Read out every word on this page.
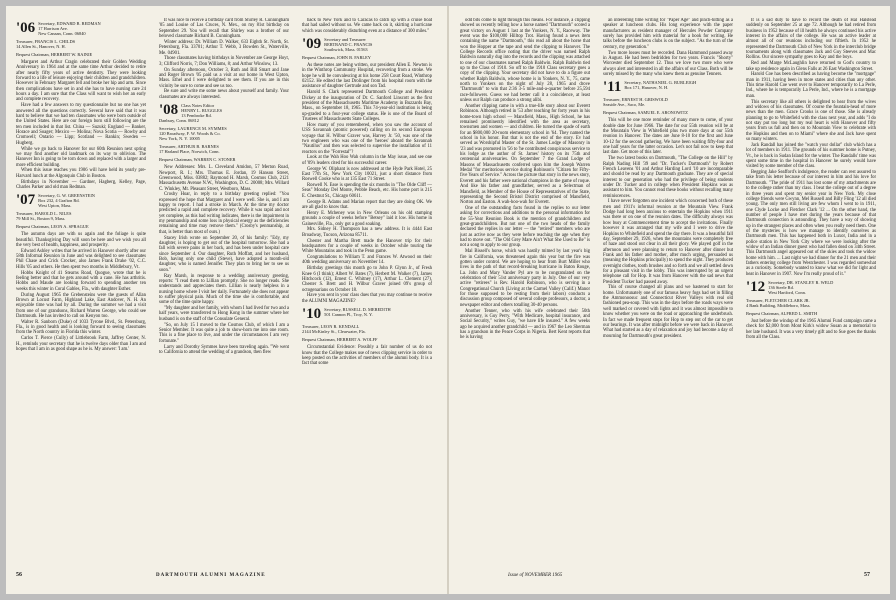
'06 Secretary, EDWARD B. REDMAN
17 Harrison Ave.
New Canaan, Conn. 06840
Treasurer, FRANCIS L. CHILDS
14 Allen St., Hanover, N. H.
Bequest Chairman, HERBERT W. RAINIE

Margaret and Arthur Cragin celebrated their Golden Wedding Anniversary in 1964 and at the same time Arthur decided to retire after nearly fifty years of active dentistry. They were looking forward to a life of leisure enjoying their children and grandchildren. However in February Margaret fell and broke her hip and arm. Since then complications have set in and she has to have nursing care 24 hours a day. I am sure that the Class will want to wish her an early and complete recovery.

Have had a few answers to my questionnaire but no one has yet answered all the questions correctly. Several have said that it was hard to believe that we had ten classmates who were born outside of the United States. Here are our foreign born still following are the ten men included in that list. China — Suzuki; England — Banker, Horace and Soager; Mexico — Molina; Nova Scotia — Rowby and Cromwell; Ontario — Lipp; Scotland — Rankin; Sweden — Hugberg.

While we go back to Hanover for our 60th Reunion next spring we may find another old landmark on its way to oblivion. The Hanover Inn is going to be torn down and replaced with a larger and more efficient building.

When this issue reaches you 1906 will have held its yearly pre-Harvard lunch at the Algonquin Club in Boston.

Birthdays in November — Gardner, Hagberg, Kelley, Page, Charles Parker and old man Redman.

'07 Secretary, G. W. GREENSTEIN
Box 232, 4 Grafton Rd.
West Upton, Mass.
Treasurer, HAROLD L. NILES
79 Mill St., Boston 9, Mass.
Bequest Chairman, LEON A. SPRAGUE

The autumn days are with us again and the foliage is quite beautiful. Thanksgiving Day will soon be here and we wish you all the very best of health, happiness, and prosperity.

Edward Ashley writes that he arrived in Hanover shortly after our 58th Informal Reunion in June and was delighted to see classmates Phil Chase and Crick Crocker, also James Frank Drake '02, C.C. Hills '05 and others. He then spent two months in Middlebury, Vt.

Hobbs Knight of 41 Stearns Road, Quogue, wrote that he is feeling better and that he gets around with a cane. He has arthritis. Hobbs and Maude are looking forward to spending another ten weeks this winter in Coral Gables, Fla., with daughter Esther.

During August 1965 the Grebensteins were the guests of Allan Brown at Locust Farm, Highland Lake, East Andover, N. H. An enjoyable time was had by all. During the summer we had a visit from one of our grandsons, Richard Warren George, who could see Dartmouth. He has invited to call on Kenyon too.

Walter R. Sanborn (Duke) of 1033 Tyrone Blvd., St. Petersburg, Fla., is in good health and is looking forward to seeing classmates from the North country in Florida this winter.

Carlos T. Pierce (Cully) of Littlebrook Farm, Jaffrey Center, N. H., reminds your secretary that he is twelve days older than I am and hopes that I am in as good shape as he is. My answer: 'I am.'

It was nice to receive a birthday card from Shirley R. Cunningham '05 and Louise of Las Cruces, N. Mex., on my 81st birthday on September 29. You will recall that Shirley was a brother of our beloved classmate Richard B. Cunningham.

Winter address: Dr. William D. Walker, 633 Eighth St. North, St. Petersburg, Fla. 33701; Arthur T. Webb, 3 Bowden St., Waterville, Me. 04901.

Those classmates having birthdays in November are George Hoyt, 3; Clifford Norris, 7; Don Williams, 8; and Arthur Winslow, 13.

On Sunday afternoon, October 3, Ruth and Bill Smart and Jane and Roger Brown '05 paid us a visit at our home in West Upton, Mass. Ethel and I were delighted to see them. If you are in this vicinity be sure to come and see us too.

Be sure and write me some news about yourself and family. Your classmates are always interested.

'08 Class Notes Editor
HENRY L. RUGGLES
13 Pembroke Rd.
Danbury, Conn. 06812
Secretary, LAURENCE M. SYMMES
120 Broadway, F. W. Woods & Co.
New York, N. Y. 10005
Treasurer, ARTHUR B. BARNES
17 Harland Place, Norwich, Conn.
Bequest Chairman, WARREN C. STONER

New Addresses: Mrs. L. Cleveland Amidon, 57 Merton Road, Newport, R. I.; Mrs. Thomas E. Jordan, 19 Hanson Street, Greenwood, Miss. 03882; Raymond H. Marsh, Cosmos Club, 2121 Massachusetts Avenue N.W., Washington, D. C. 20008; Mrs. Willard C. Winkley, Mt. Pleasant Street, Westboro, Mass.

Crosby Hoar, in reply to a birthday greeting replied: "You expressed the hope that Margaret and I were well. She is, and I am happy to report. I had a stroke in March. At the time my doctor predicted a rapid and complete recovery. While it was rapid and not yet complete, as this bad writing indicates, there is the impairment in my penmanship and some loss in physical energy as the deficiencies remaining and time may remove them." (Crosby's penmanship, at that, is better than most of ours.)

Stacey Irish wrote on September 20, of his family: "Edy, my daughter, is hoping to get out of the hospital tomorrow. She had a fall with severe pains in her back, and has been under hospital care since September 4. Our daughter, Ruth Moffatt, and her husband, Bob, having only one child (Steve), have adopted a month-old daughter, who is named Jennifer. They plan to bring her to see us soon."

Ray Marsh, in response to a wedding anniversary greeting, reports: "I read them to Lillian promptly. She no longer reads. She understands and appreciates them. Lillian is nearly helpless in a nursing home where I visit her daily. Fortunately she does not appear to suffer physical pain. Much of the time she is comfortable, and some of the time quite happy.

"My daughter and her family, with whom I had lived for two and a half years, were transferred to Hong Kong in the summer where her husband is on the staff of the Consulate General.

"So, on July 15 I moved to the Cosmos Club, of which I am a Senior Member. It was quite a job to show-horn me into one room. This is a fine place to live, and under the circumstances I am very fortunate."

Larry and Dorothy Symmes have been traveling again. "We went to California to attend the wedding of a grandson, then flew

back to New York and to Caracas to catch up with a cruise boat that had sailed without us. We came back on it, skirting a hurricane which was considerably disturbing even at a distance of 300 miles."

'09 Secretary and Treasurer
BERTRAND C. FRANCIS
Southwick, Mass. 01563
Bequest Chairman, JOHN B. FARLEY

As these notes are being written, our president Allen E. Newton is in the Winthrop Community Hospital, recovering from a stroke. We hope he will be convalescing at his home 258 Court Road, Winthrop 02152. He edited the last Drolinger from his hospital room with the assistance of daughter Gertrude and son Tad.

Harold S. Clark represented Dartmouth College and President Dickey at the inauguration of Dr. C. Sanford Linscott as the first president of the Massachusetts Maritime Academy in Buzzards Bay, Mass., on September 18, 1965. This 74-year-old institution is being up-graded to a four-year college status. He is one of the Board of Trustees of Massachusetts State Colleges.

How many of you remembered, when you saw the account of USS Savannah (atomic powered) calling on its second European voyage that H. Wilbur Graver was, Harvey Jr. '50, was one of the two engineers who was one of the 'heroes' aboard the Savannah "Nautilus" and then was selected to supervise the installation of 11 reactors on the "Forrestal"?

Look at the Wah Hoo Wah column in the May issue, and see one of '09's leaders cited for his successful career.

George W. Oliphant is now addressed at the Hyde Park Hotel, 25 East 77th St., New York City 10021, just a short distance from Roswell Cooke who is at 135 East 71 Street.

Roswell N. Esse is spending the six months in "The Olde Cliff — Seas" Monday Del Monte, Pebble Beach, etc. His home port is 215 E. Chestnut St., Chicago 60611.

George R. Adams and Marian report that they are doing OK. We are all glad to know that.

Henry E. Mcheney was in New Orleans on his old stamping grounds a couple of weeks before "Betsey" laid it low. His home in Gainesville, Fla., only got a good soaking.

Mrs. Sidney H. Thompson has a new address. It is 4444 East Broadway, Tucson, Arizona 85711.

Chester and Martha Brett made the Hanover trip for their headquarters for a couple of weeks in October while touring the White Mountains and took in the Penn game.

Congratulations to William T. and Frances W. Atwood on their 40th wedding anniversary on November 14.

Birthday greetings this month go to John P. Glynn Jr., of Fresh Knee 6 (I think); Albert W. Bates (7), Herbert M. Walker (7), James Hitchcock (12), Ernest C. Whitney (17), Arthur L. Clement (27), Chester S. Brett and H. Wilbur Graver joined 09's group of octogenarians on October 18.

Have you sent in your class dues that you may continue to receive the ALUMNI MAGAZINE?

'10 Secretary, RUSSELL D. MEREDITH
501 Cannon Pl., Troy, N. Y.
Treasurer, LEON R. KENDALL
2144 McKinley St., Clearwater, Fla.
Bequest Chairman, HERBERT A. WOLFF

Circumstantial Evidence: Possibly a fair number of us do not know that the College makes use of news clipping service in order to keep posted on the activities of members of the alumni body. It is a fact that some

56	DARTMOUTH ALUMNI MAGAZINE

odd bits come to light through this means. For instance, a clipping showed us recently telling how a horse named "Dartmouth" scored a great victory on August 1 last at the Yonkers, N. Y., Raceway. The event was the $100,000 Hilltop Trot. Having found a news item containing the name "Dartmouth," this read all about the horse that won the Hopper at the tape and send the clipping to Hanover. The College Records office noting that the driver was named Ralph Baldwin naturally dug into the records and the clipping was attached to one of our classmates named Ralph Baldwin. Ralph Baldwin tied up to the Class of 1910. So off to the 1910 Class secretary goes a copy of the clipping. Your secretary did not have to do a figure out whether Ralph Baldwin, whose home is in Yonkers, N. Y., 75, came north to Yonkers on the night of July 28, 1965 and drove "Dartmouth" to win that 2:36 3-5 mile-and-a-quarter before 25,594 race-followers. Guess we had better call it a coincidence, at least unless our Ralph can produce a strong alibi.

Another clipping came in with a true-life story about our Everett Robinson. Although retired in '53 after teaching for forty years in his home-town high school — Mansfield, Mass., High School, he has remained prominently identified with the area as secretary, townsmen and women — and children. He turned the spade of earth for an $800,000 20-room elementary school in '64. They named the school in his honor. But that is not the end of the story. Ev had served as Worshipful Master of the St. James Lodge of Masonry in '23 and was promoted in '56 to 'he contributed conspicuous service to his lodge as the author of St. James' history on its 75th and centennial anniversaries. On September 7 the Grand Lodge of Masons of Massachusetts conferred upon him the Joseph Warren Medal "for meritorious service during Robinson's "Citizen for Fifty-five Years of Service." Across the picture that story in the news story, Everett and his father were national champions in the game of roque. And like his father and grandfather, served as a Selectman of Mansfield, as Member of the House of Representatives of the State, representing the Second Bristol District comprised of Mansfield, Norton and Easton. A wah-hoo-wah for Everett.

One of the outstanding facts found in the replies to our letter asking for corrections and additions to the personal information for the 55-Year Reunion Book is the mention of grandchildren and great-grandchildren. But not one of the two heads of the family declared the replies in our letter — the "retired" members who are just as active now as they were before reaching the age when they had to move out. "The Old Grey Mare Ain't What She Used to Be" is not a song to apply to our group.

Mal Bissell's horse, which was hastily mimed by last year's big fire in California, was threatened again this year but the fire was gotten under control. We are hoping to hear from Burt Miller who lives in the path of that record-breaking hurricane in Baton Rouge, La. John and Mary Vander Pyl are to be congratulated on the celebration of their 51st anniversary party in July. One of our very active "retirees" is Rev. Harold Robinson, who is serving in a Congregational Church (Living at the Carmel Valley (Calif.) Manor for those supposed to be resting from their labors) conducts a discussion group composed of several college professors, a doctor, a newspaper editor and others totalling 30-40 persons.

Another Tenner, who with his wife celebrated their 50th anniversary, is Guy Perry. "With Medicare, hospital insurance, and Social Security," writes Guy, "we have life insured." A few weeks ago he acquired another grandchild — and in 1967 the Leo Sherman has a grandson in the Peace Corps in Nigeria. Bert Kent reports that he is having

an interesting time writing for "Paper Age" and pinch-hitting as a speaker at luncheon clubs. His long experience with the paper manufacturers as resident manager of Hercules Powder Company surely has provided him with material for a book for writing. He talks before the luncheon clubs is on the subject. "As the turn of the century, my generation."

Two more losses must be recorded. Dana Hammond passed away in August. He had been bedridden for two years. Francis "Shorty" Worcester died September 12. Thus we love two more who were always alert and interested in all the affairs of our Class. Both will be sorely missed by the many who knew them as genuine Tenners.

'11 Secretary, NATHANIEL G. BURLEIGH
Box 171, Hanover, N. H.
Treasurer, ERNEST H. GRISWOLD
Seaside Ave., Saco, Me.
Bequest Chairman, SAMUEL E. ARONOWITZ

This will be one more reminder of many more to come, of your double date for June 1966. The date for our 55th reunion will be at the Mountain View in Whitefield plus two more days at our 55th reunion in Hanover. The dates are June 8-10 for the first and June 10-12 for the second gathering. We have been waiting fifty-four and one half years for the latter occasion. Let's not fail now to keep that last date. Get more of this later.

The two latest books on Dartmouth, "The College on the Hill" by Ralph Nading Hill '39 and "Dr. Tucker's Dartmouth" by Robert French Leavens '01 and Arthur Harding Lord '10 are incomparable and should be read by any Dartmouth graduate. They are of special interest to our generation who had the privilege of being students under Dr. Tucker and in college when President Hopkins was as assistant to him. You cannot read these books without recalling many reminiscences.

I have never forgotten one incident which concerned both of these men and 1911's informal reunion at the Mountain View. Frank Dodge had long been anxious to entertain the Hopkins when 1911 was there or on one of the reunion dates. The difficulty always was how busy at Commencement time to accept the invitations. Finally however it was arranged that my wife and I were to drive the Hopkins to Whitefield and spend the day there. It was a beautiful fall day, September 29, 1926, when the mountains were completely free of haze and stood out clear in all their glory. We played golf in the afternoon and were planning to return to Hanover after dinner but Frank and his father and mother, after much urging, persuaded us (meaning the Hopkins principally) to spend the night. They produced overnight clothes, tooth brushes and so forth and we all settled down for a pleasant visit in the lobby. This was interrupted by an urgent telephone call for Hop. It was from Hanover with the sad news that President Tucker had passed away.

This of course changed all plans and we hastened to start for home. Unfortunately one of our famous heavy fogs had set in filling the Ammonoosuc and Connecticut River Valleys with real old fashioned pea-soup. This was in the days before the roads ways were well marked or covered with lights and it was almost impossible to know whether you were on the road or approaching the underbrush. In fact we made frequent stops for Hop to step out of the car to get our bearings. It was after midnight before we were back in Hanover. What had started as a day of relaxation and joy had become a day of mourning for Dartmouth's great president.

It is a sad duty to have to record the death of Hal Halstead suddenly on September 25 at age 72. Although he had retired from business in 1952 because of ill health he always continued his active interest in the affairs of the college. He was an active leader at almost all of our reunions including our fiftieth. In 1952 he represented the Dartmouth Club of New York in the interclub bridge tournaments along with classmates Jack and Guy Steeves and Mac Rollins. Our sincere sympathy goes to Kay and the boys.

Red and Marge McLaughlin have returned to God's country to take up residence again in Glens Falls at 26 East Washington Street.

Harold Coe has been described as having become the "mortgage" man in 1911, having been in more states and cities than any other. This time Harold Coe went over to Hanover temporarily to La Perle, Ind., where he is temporarily La Perle, Ind., where he is a mortgage man.

This secretary like all others is delighted to hear from the wives and widows of his classmates. Of course the fountain-head of more news than the men. Grace Crooks is one of those. She is already planning to go to Whitefield with the class next year, and adds "I do not stay put too long but my real heart is with Hanover and fifty years from us fall and then on to Mountain View to celebrate with the Hopkins and then on to Miami" where she and Jack have spent so many winters.

Jack Randall has joined the "watch your dollar" club which has a lot of members in 1911. The grounds of his summer home is Putney, Vt., he is back in Sudan Island for the winter. The Randalls' time was spent some time in the hospital in Hanover he surely would have visited by some member of the class.

Begging Jake Seafford's indulgence, the reader can rest assured to take from his letter because of our interest in him and his love for Dartmouth. "The pride of 1911 has lost some of my attachments are to the college rather than my class. I beat the college out of a degree in three years and spent my senior year in New York. My close college friends were Gwynn, Mel Russell and Billy Fling '12 all died young. The only men still living are few whom I went to in 1911, one Clyde Locke and Fletcher Clark '12 ... On the other hand, the number of people I have met during the years because of that Dartmouth connection is astounding. They have a way of showing up in the strangest places and often when you really need them. One of the mysteries is how we manage to identify ourselves as Dartmouth men. This has happened both in Luxor, India and in a police station in New York City where we were looking after the widow of an Indian dinner guest who had fallen dead on 34th Street. This Dartmouth angel appeared out of the skies and took the widow home with him. ... Last night we had dinner for the 21 men and their fathers entering college from Westchester. I was regarded somewhat as a curiosity. Somebody wanted to know what we did for light and heat in Hanover in 1907. Now I'm really proud of it."

'12 Secretary, DR. STANLEY R. WELD
136 Steele Rd.
West Hartford, Conn.
Treasurer, FLETCHER CLARK JR.
4 Bank Building, Middleboro, Mass.
Bequest Chairman, ALFRED L. SMITH

Just before the windup of the 1965 Alumni Fund campaign came a check for $2,000 from Mont Kirk's widow Susan as a memorial to her late husband. It was a very timely gift and to Sue goes the thanks from all the Class.

Issue of NOVEMBER 1965	57
